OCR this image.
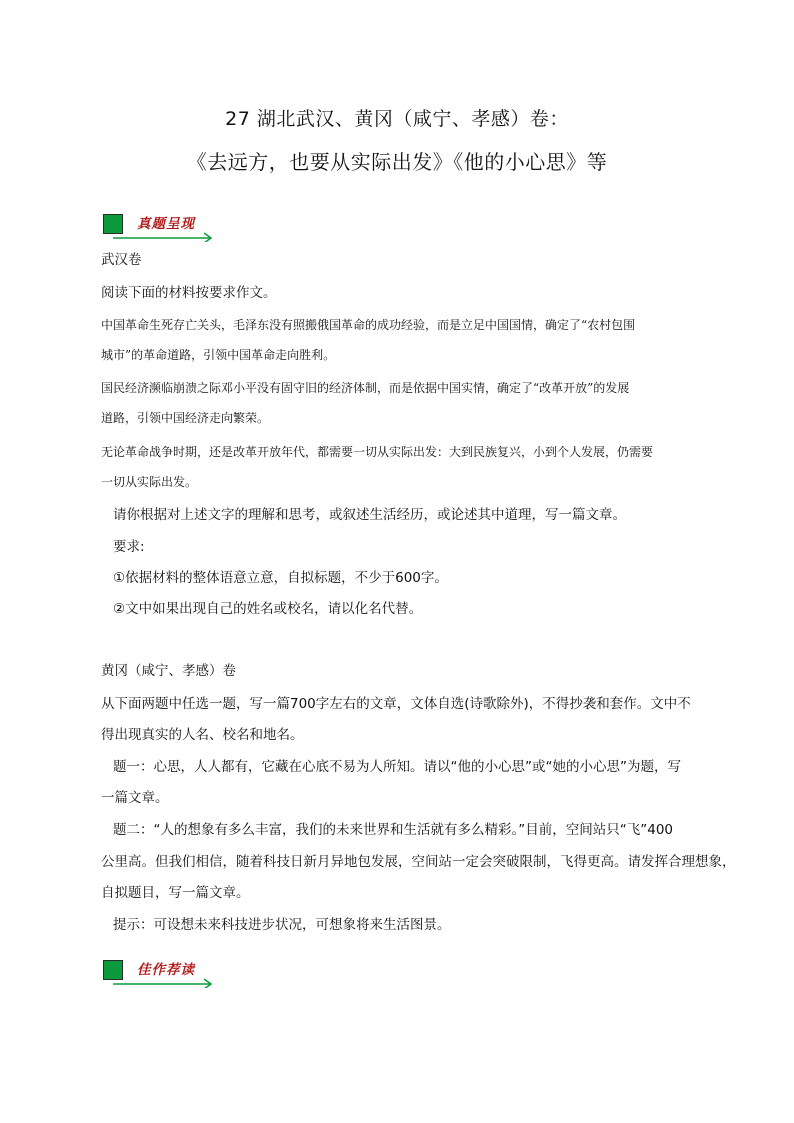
27 湖北武汉、黄冈（咸宁、孝感）卷：
《去远方，也要从实际出发》《他的小心思》等
真题呈现

武汉卷

阅读下面的材料按要求作文。

中国革命生死存亡关头，毛泽东没有照搬俄国革命的成功经验，而是立足中国国情，确定了“农村包围

城市”的革命道路，引领中国革命走向胜利。

国民经济濒临崩溃之际邓小平没有固守旧的经济体制，而是依据中国实情，确定了“改革开放”的发展

道路，引领中国经济走向繁荣。

无论革命战争时期，还是改革开放年代，都需要一切从实际出发：大到民族复兴，小到个人发展，仍需要

一切从实际出发。

请你根据对上述文字的理解和思考，或叙述生活经历，或论述其中道理，写一篇文章。

要求:

①依据材料的整体语意立意，自拟标题，不少于600字。

②文中如果出现自己的姓名或校名，请以化名代替。

黄冈（咸宁、孝感）卷

从下面两题中任选一题，写一篇700字左右的文章，文体自选(诗歌除外)，不得抄袭和套作。文中不

得出现真实的人名、校名和地名。

题一：心思，人人都有，它藏在心底不易为人所知。请以“他的小心思”或“她的小心思”为题，写

一篇文章。

题二：“人的想象有多么丰富，我们的未来世界和生活就有多么精彩。”目前，空间站只“飞”400

公里高。但我们相信，随着科技日新月异地包发展，空间站一定会突破限制，飞得更高。请发挥合理想象，

自拟题目，写一篇文章。

提示：可设想未来科技进步状况，可想象将来生活图景。

佳作荐读
